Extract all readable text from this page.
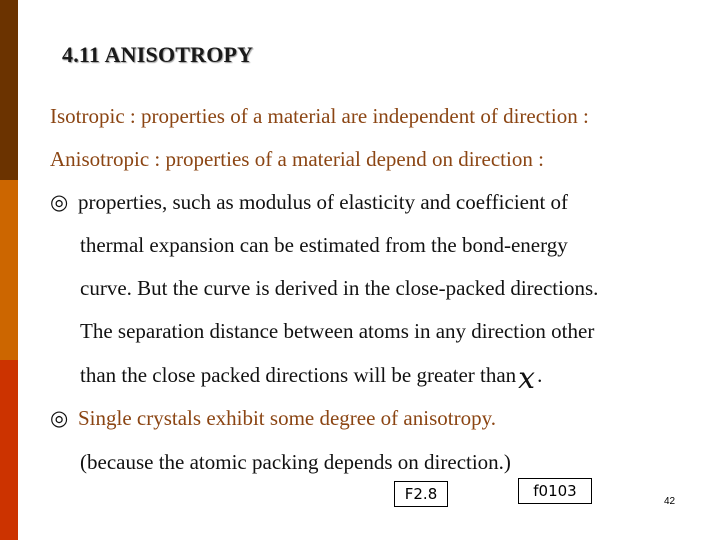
4.11 ANISOTROPY
Isotropic : properties of a material are independent of direction :
Anisotropic : properties of a material depend on direction :
◎ properties, such as modulus of elasticity and coefficient of
thermal expansion can be estimated from the bond-energy
curve. But the curve is derived in the close-packed directions.
The separation distance between atoms in any direction other
than the close packed directions will be greater thanx.
◎ Single crystals exhibit some degree of anisotropy.
(because the atomic packing depends on direction.)
F2.8	f0103
42
